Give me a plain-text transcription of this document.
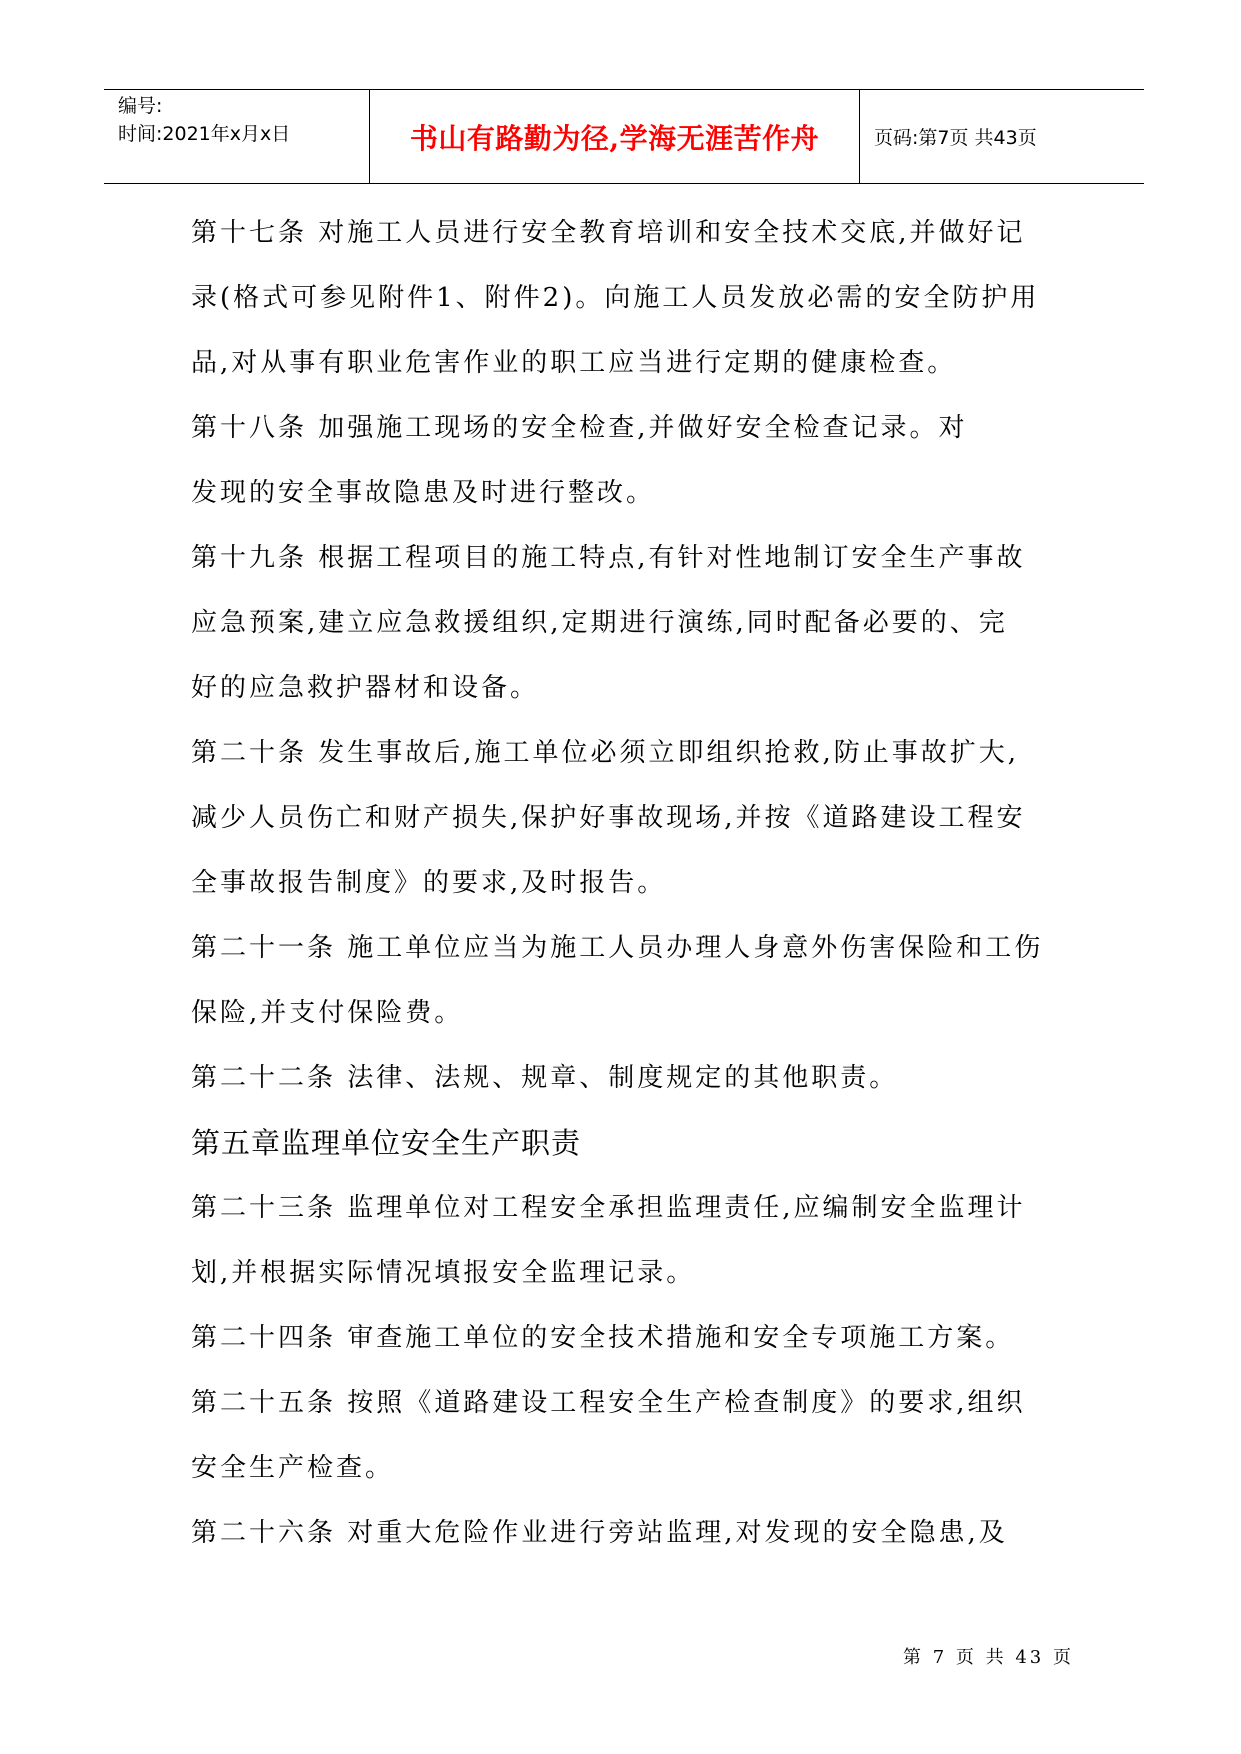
编号:
时间:2021年x月x日	书山有路勤为径,学海无涯苦作舟	页码:第7页 共43页
第十七条 对施工人员进行安全教育培训和安全技术交底,并做好记
录(格式可参见附件1、附件2)。向施工人员发放必需的安全防护用
品,对从事有职业危害作业的职工应当进行定期的健康检查。
第十八条 加强施工现场的安全检查,并做好安全检查记录。对
发现的安全事故隐患及时进行整改。
第十九条 根据工程项目的施工特点,有针对性地制订安全生产事故
应急预案,建立应急救援组织,定期进行演练,同时配备必要的、完
好的应急救护器材和设备。
第二十条 发生事故后,施工单位必须立即组织抢救,防止事故扩大,
减少人员伤亡和财产损失,保护好事故现场,并按《道路建设工程安
全事故报告制度》的要求,及时报告。
第二十一条 施工单位应当为施工人员办理人身意外伤害保险和工伤
保险,并支付保险费。
第二十二条 法律、法规、规章、制度规定的其他职责。
第五章监理单位安全生产职责
第二十三条 监理单位对工程安全承担监理责任,应编制安全监理计
划,并根据实际情况填报安全监理记录。
第二十四条 审查施工单位的安全技术措施和安全专项施工方案。
第二十五条 按照《道路建设工程安全生产检查制度》的要求,组织
安全生产检查。
第二十六条 对重大危险作业进行旁站监理,对发现的安全隐患,及
第 7 页 共 43 页
